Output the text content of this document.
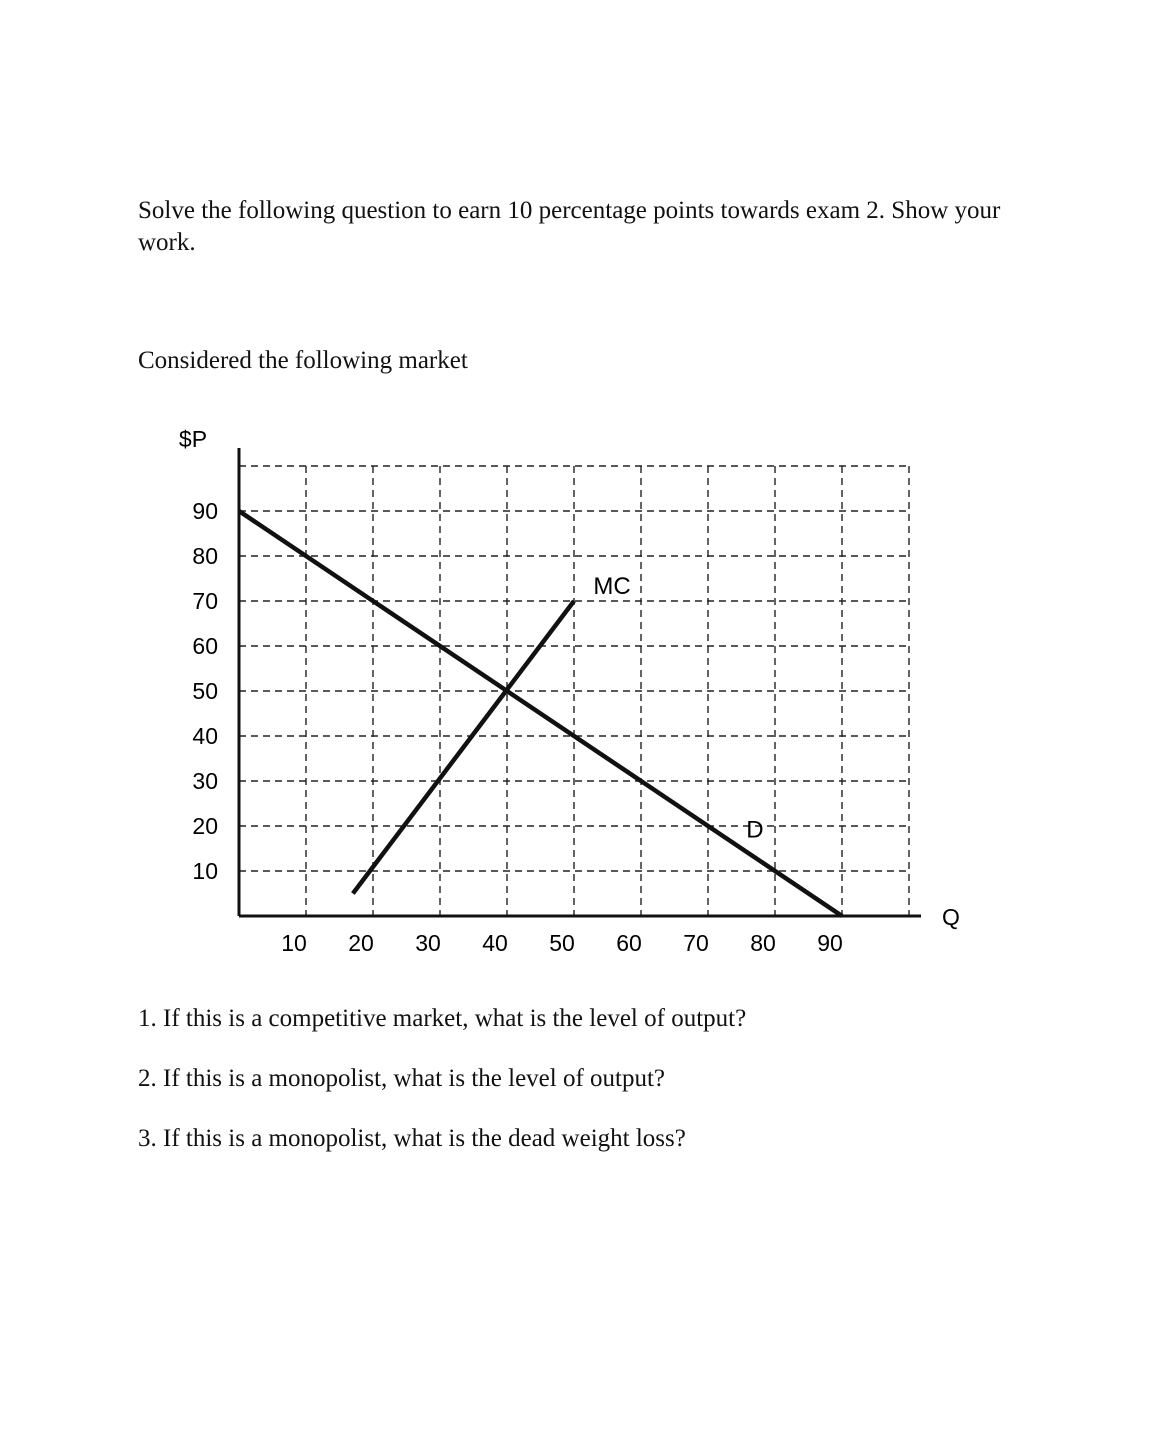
Solve the following question to earn 10 percentage points towards exam 2. Show your work.

Considered the following market

$P
Q
90
80
70
60
50
40
30
20
10
10 20 30 40 50 60 70 80 90
MC
D

1. If this is a competitive market, what is the level of output?

2. If this is a monopolist, what is the level of output?

3. If this is a monopolist, what is the dead weight loss?
